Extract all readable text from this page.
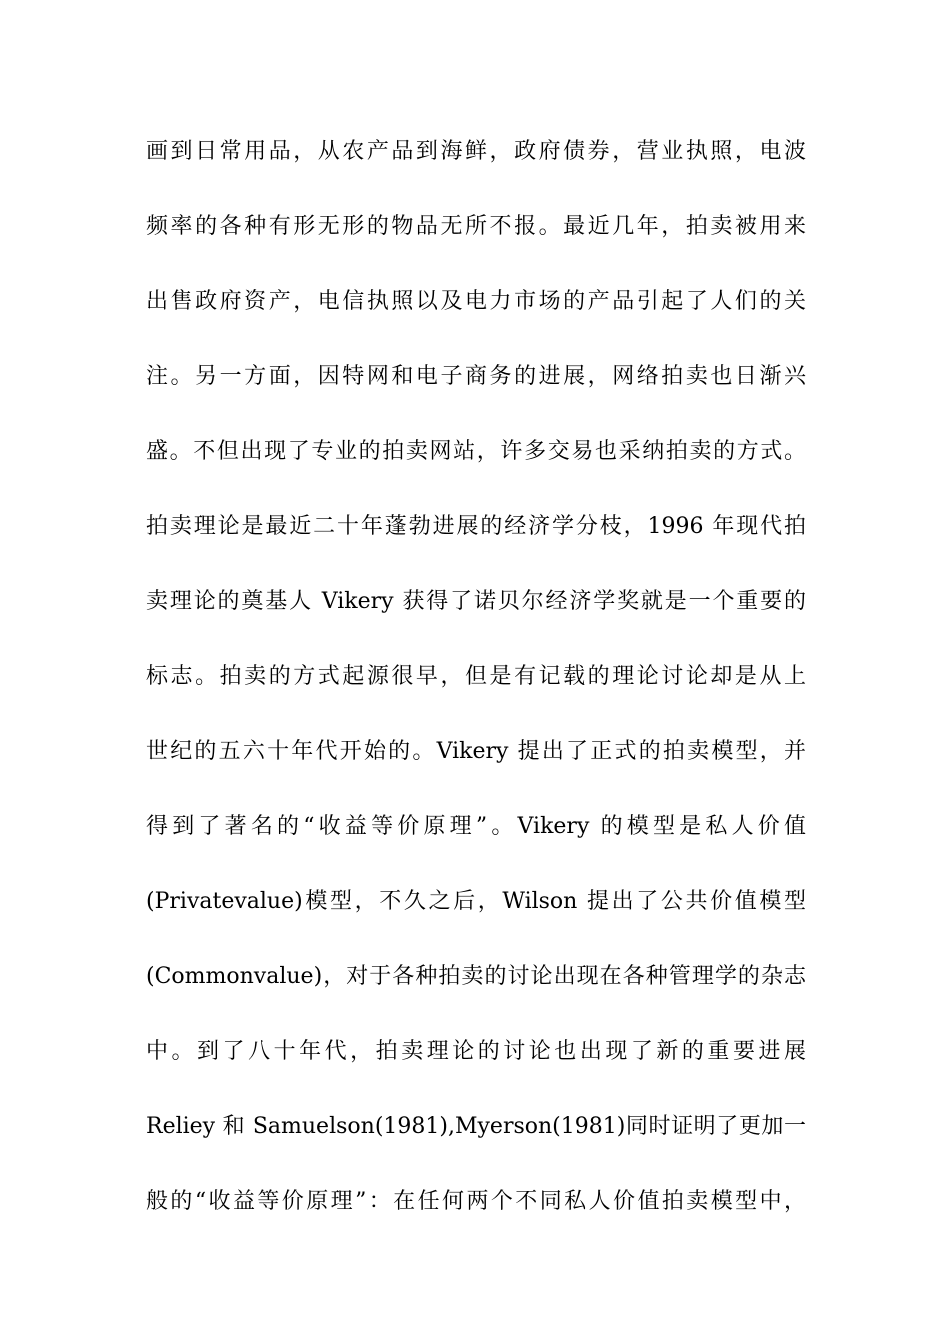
画到日常用品，从农产品到海鲜，政府债券，营业执照，电波
频率的各种有形无形的物品无所不报。最近几年，拍卖被用来
出售政府资产，电信执照以及电力市场的产品引起了人们的关
注。另一方面，因特网和电子商务的进展，网络拍卖也日渐兴
盛。不但出现了专业的拍卖网站，许多交易也采纳拍卖的方式。
拍卖理论是最近二十年蓬勃进展的经济学分枝，1996 年现代拍
卖理论的奠基人 Vikery 获得了诺贝尔经济学奖就是一个重要的
标志。拍卖的方式起源很早，但是有记载的理论讨论却是从上
世纪的五六十年代开始的。Vikery 提出了正式的拍卖模型，并
得到了著名的“收益等价原理”。Vikery 的模型是私人价值
(Privatevalue)模型，不久之后，Wilson 提出了公共价值模型
(Commonvalue)，对于各种拍卖的讨论出现在各种管理学的杂志
中。到了八十年代，拍卖理论的讨论也出现了新的重要进展
Reliey 和 Samuelson(1981),Myerson(1981)同时证明了更加一
般的“收益等价原理”：在任何两个不同私人价值拍卖模型中，
